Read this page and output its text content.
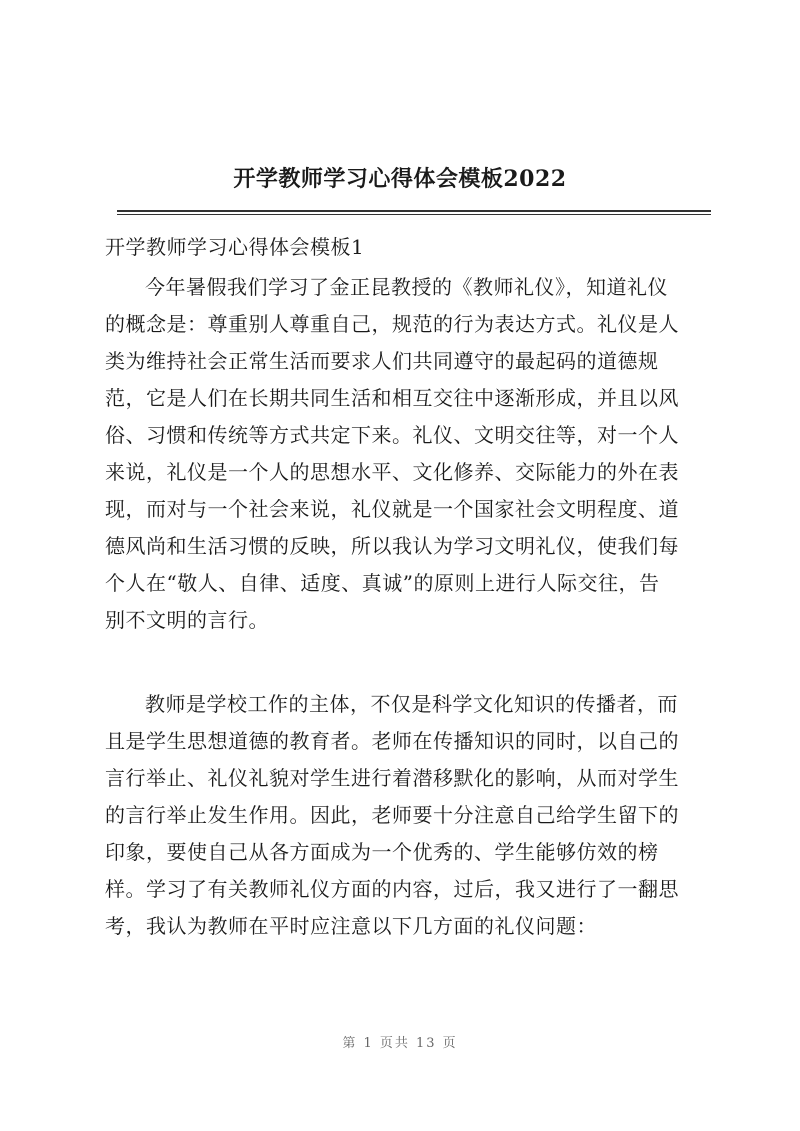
开学教师学习心得体会模板2022
开学教师学习心得体会模板1
今年暑假我们学习了金正昆教授的《教师礼仪》，知道礼仪
的概念是：尊重别人尊重自己，规范的行为表达方式。礼仪是人
类为维持社会正常生活而要求人们共同遵守的最起码的道德规
范，它是人们在长期共同生活和相互交往中逐渐形成，并且以风
俗、习惯和传统等方式共定下来。礼仪、文明交往等，对一个人
来说，礼仪是一个人的思想水平、文化修养、交际能力的外在表
现，而对与一个社会来说，礼仪就是一个国家社会文明程度、道
德风尚和生活习惯的反映，所以我认为学习文明礼仪，使我们每
个人在“敬人、自律、适度、真诚”的原则上进行人际交往，告
别不文明的言行。
教师是学校工作的主体，不仅是科学文化知识的传播者，而
且是学生思想道德的教育者。老师在传播知识的同时，以自己的
言行举止、礼仪礼貌对学生进行着潜移默化的影响，从而对学生
的言行举止发生作用。因此，老师要十分注意自己给学生留下的
印象，要使自己从各方面成为一个优秀的、学生能够仿效的榜
样。学习了有关教师礼仪方面的内容，过后，我又进行了一翻思
考，我认为教师在平时应注意以下几方面的礼仪问题：
第 1 页共 13 页
